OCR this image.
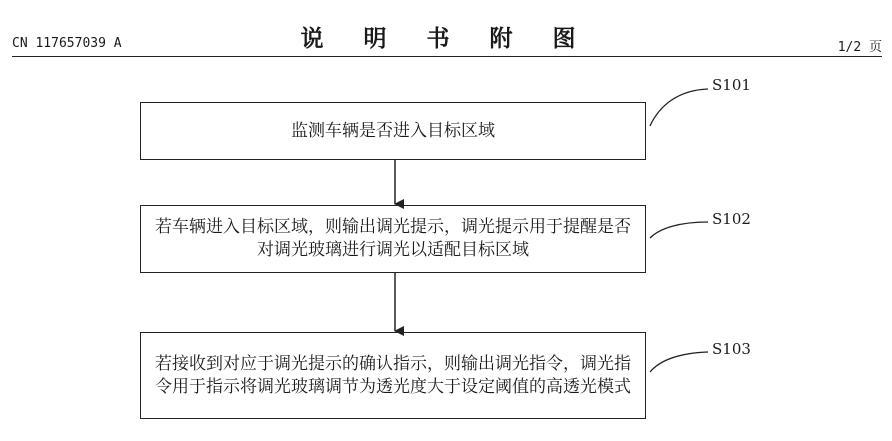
CN 117657039 A	说 明 书 附 图	1/2 页
监测车辆是否进入目标区域
若车辆进入目标区域，则输出调光提示，调光提示用于提醒是否对调光玻璃进行调光以适配目标区域
若接收到对应于调光提示的确认指示，则输出调光指令，调光指令用于指示将调光玻璃调节为透光度大于设定阈值的高透光模式
S101
S102
S103
